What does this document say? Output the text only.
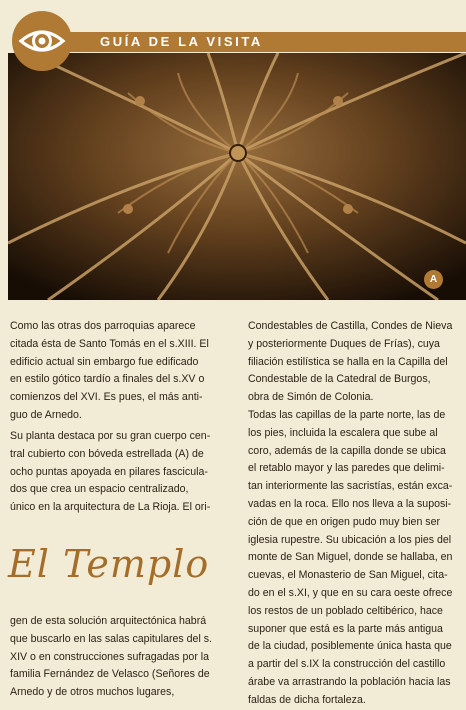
GUÍA DE LA VISITA
A
Como las otras dos parroquias aparece
citada ésta de Santo Tomás en el s.XIII. El
edificio actual sin embargo fue edificado
en estilo gótico tardío a finales del s.XV o
comienzos del XVI. Es pues, el más anti-
guo de Arnedo.
Su planta destaca por su gran cuerpo cen-
tral cubierto con bóveda estrellada (A) de
ocho puntas apoyada en pilares fascicula-
dos que crea un espacio centralizado,
único en la arquitectura de La Rioja. El ori-
El Templo
gen de esta solución arquitectónica habrá
que buscarlo en las salas capitulares del s.
XIV o en construcciones sufragadas por la
familia Fernández de Velasco (Señores de
Arnedo y de otros muchos lugares,
Condestables de Castilla, Condes de Nieva
y posteriormente Duques de Frías), cuya
filiación estilística se halla en la Capilla del
Condestable de la Catedral de Burgos,
obra de Simón de Colonia.
Todas las capillas de la parte norte, las de
los pies, incluida la escalera que sube al
coro, además de la capilla donde se ubica
el retablo mayor y las paredes que delimi-
tan interiormente las sacristías, están exca-
vadas en la roca. Ello nos lleva a la suposi-
ción de que en origen pudo muy bien ser
iglesia rupestre. Su ubicación a los pies del
monte de San Miguel, donde se hallaba, en
cuevas, el Monasterio de San Miguel, cita-
do en el s.XI, y que en su cara oeste ofrece
los restos de un poblado celtibérico, hace
suponer que está es la parte más antigua
de la ciudad, posiblemente única hasta que
a partir del s.IX la construcción del castillo
árabe va arrastrando la población hacia las
faldas de dicha fortaleza.
